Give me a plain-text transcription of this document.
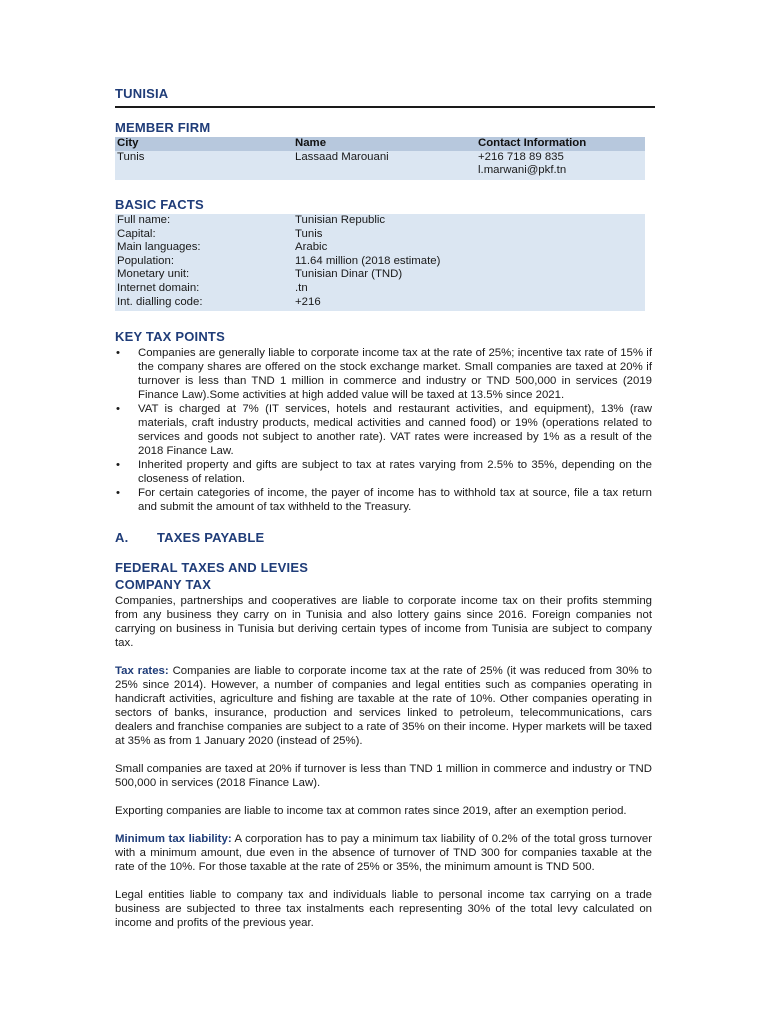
TUNISIA
MEMBER FIRM
City	Name	Contact Information
Tunis	Lassaad Marouani	+216 718 89 835
l.marwani@pkf.tn
BASIC FACTS
Full name:	Tunisian Republic
Capital:	Tunis
Main languages:	Arabic
Population:	11.64 million (2018 estimate)
Monetary unit:	Tunisian Dinar (TND)
Internet domain:	.tn
Int. dialling code:	+216
KEY TAX POINTS
• Companies are generally liable to corporate income tax at the rate of 25%; incentive tax rate of 15% if the company shares are offered on the stock exchange market. Small companies are taxed at 20% if turnover is less than TND 1 million in commerce and industry or TND 500,000 in services (2019 Finance Law).Some activities at high added value will be taxed at 13.5% since 2021.
• VAT is charged at 7% (IT services, hotels and restaurant activities, and equipment), 13% (raw materials, craft industry products, medical activities and canned food) or 19% (operations related to services and goods not subject to another rate). VAT rates were increased by 1% as a result of the 2018 Finance Law.
• Inherited property and gifts are subject to tax at rates varying from 2.5% to 35%, depending on the closeness of relation.
• For certain categories of income, the payer of income has to withhold tax at source, file a tax return and submit the amount of tax withheld to the Treasury.
A. TAXES PAYABLE
FEDERAL TAXES AND LEVIES
COMPANY TAX

Companies, partnerships and cooperatives are liable to corporate income tax on their profits stemming from any business they carry on in Tunisia and also lottery gains since 2016. Foreign companies not carrying on business in Tunisia but deriving certain types of income from Tunisia are subject to company tax.

Tax rates: Companies are liable to corporate income tax at the rate of 25% (it was reduced from 30% to 25% since 2014). However, a number of companies and legal entities such as companies operating in handicraft activities, agriculture and fishing are taxable at the rate of 10%. Other companies operating in sectors of banks, insurance, production and services linked to petroleum, telecommunications, cars dealers and franchise companies are subject to a rate of 35% on their income. Hyper markets will be taxed at 35% as from 1 January 2020 (instead of 25%).

Small companies are taxed at 20% if turnover is less than TND 1 million in commerce and industry or TND 500,000 in services (2018 Finance Law).

Exporting companies are liable to income tax at common rates since 2019, after an exemption period.

Minimum tax liability: A corporation has to pay a minimum tax liability of 0.2% of the total gross turnover with a minimum amount, due even in the absence of turnover of TND 300 for companies taxable at the rate of the 10%. For those taxable at the rate of 25% or 35%, the minimum amount is TND 500.

Legal entities liable to company tax and individuals liable to personal income tax carrying on a trade business are subjected to three tax instalments each representing 30% of the total levy calculated on income and profits of the previous year.
